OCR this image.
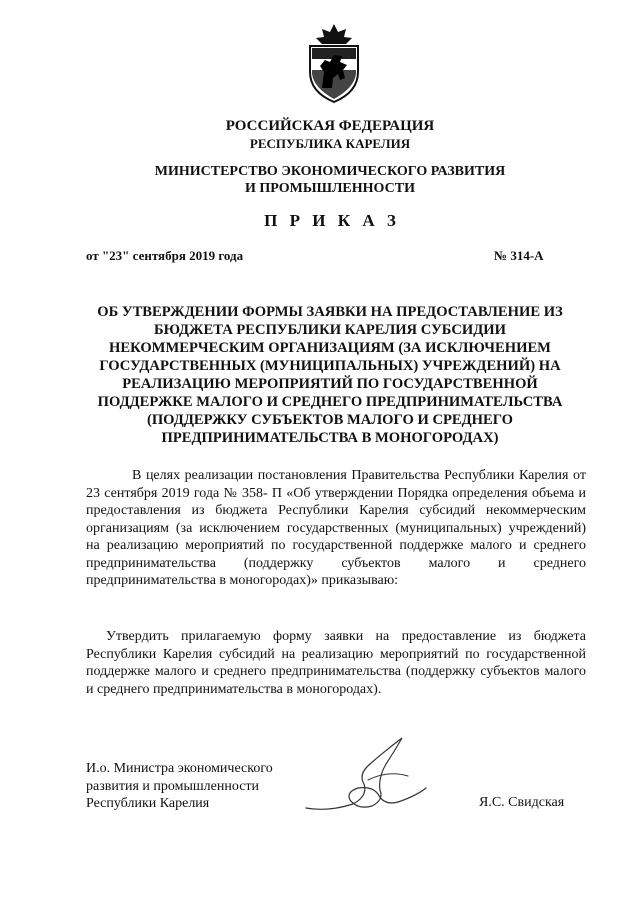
РОССИЙСКАЯ ФЕДЕРАЦИЯ
РЕСПУБЛИКА КАРЕЛИЯ
МИНИСТЕРСТВО ЭКОНОМИЧЕСКОГО РАЗВИТИЯ
И ПРОМЫШЛЕННОСТИ
П Р И К А З
от "23" сентября 2019 года	№ 314-А
ОБ УТВЕРЖДЕНИИ ФОРМЫ ЗАЯВКИ НА ПРЕДОСТАВЛЕНИЕ ИЗ БЮДЖЕТА РЕСПУБЛИКИ КАРЕЛИЯ СУБСИДИИ НЕКОММЕРЧЕСКИМ ОРГАНИЗАЦИЯМ (ЗА ИСКЛЮЧЕНИЕМ ГОСУДАРСТВЕННЫХ (МУНИЦИПАЛЬНЫХ) УЧРЕЖДЕНИЙ) НА РЕАЛИЗАЦИЮ МЕРОПРИЯТИЙ ПО ГОСУДАРСТВЕННОЙ ПОДДЕРЖКЕ МАЛОГО И СРЕДНЕГО ПРЕДПРИНИМАТЕЛЬСТВА (ПОДДЕРЖКУ СУБЪЕКТОВ МАЛОГО И СРЕДНЕГО ПРЕДПРИНИМАТЕЛЬСТВА В МОНОГОРОДАХ)
В целях реализации постановления Правительства Республики Карелия от 23 сентября 2019 года № 358- П «Об утверждении Порядка определения объема и предоставления из бюджета Республики Карелия субсидий некоммерческим организациям (за исключением государственных (муниципальных) учреждений) на реализацию мероприятий по государственной поддержке малого и среднего предпринимательства (поддержку субъектов малого и среднего предпринимательства в моногородах)» приказываю:
Утвердить прилагаемую форму заявки на предоставление из бюджета Республики Карелия субсидий на реализацию мероприятий по государственной поддержке малого и среднего предпринимательства (поддержку субъектов малого и среднего предпринимательства в моногородах).
И.о. Министра экономического
развития и промышленности
Республики Карелия	Я.С. Свидская
